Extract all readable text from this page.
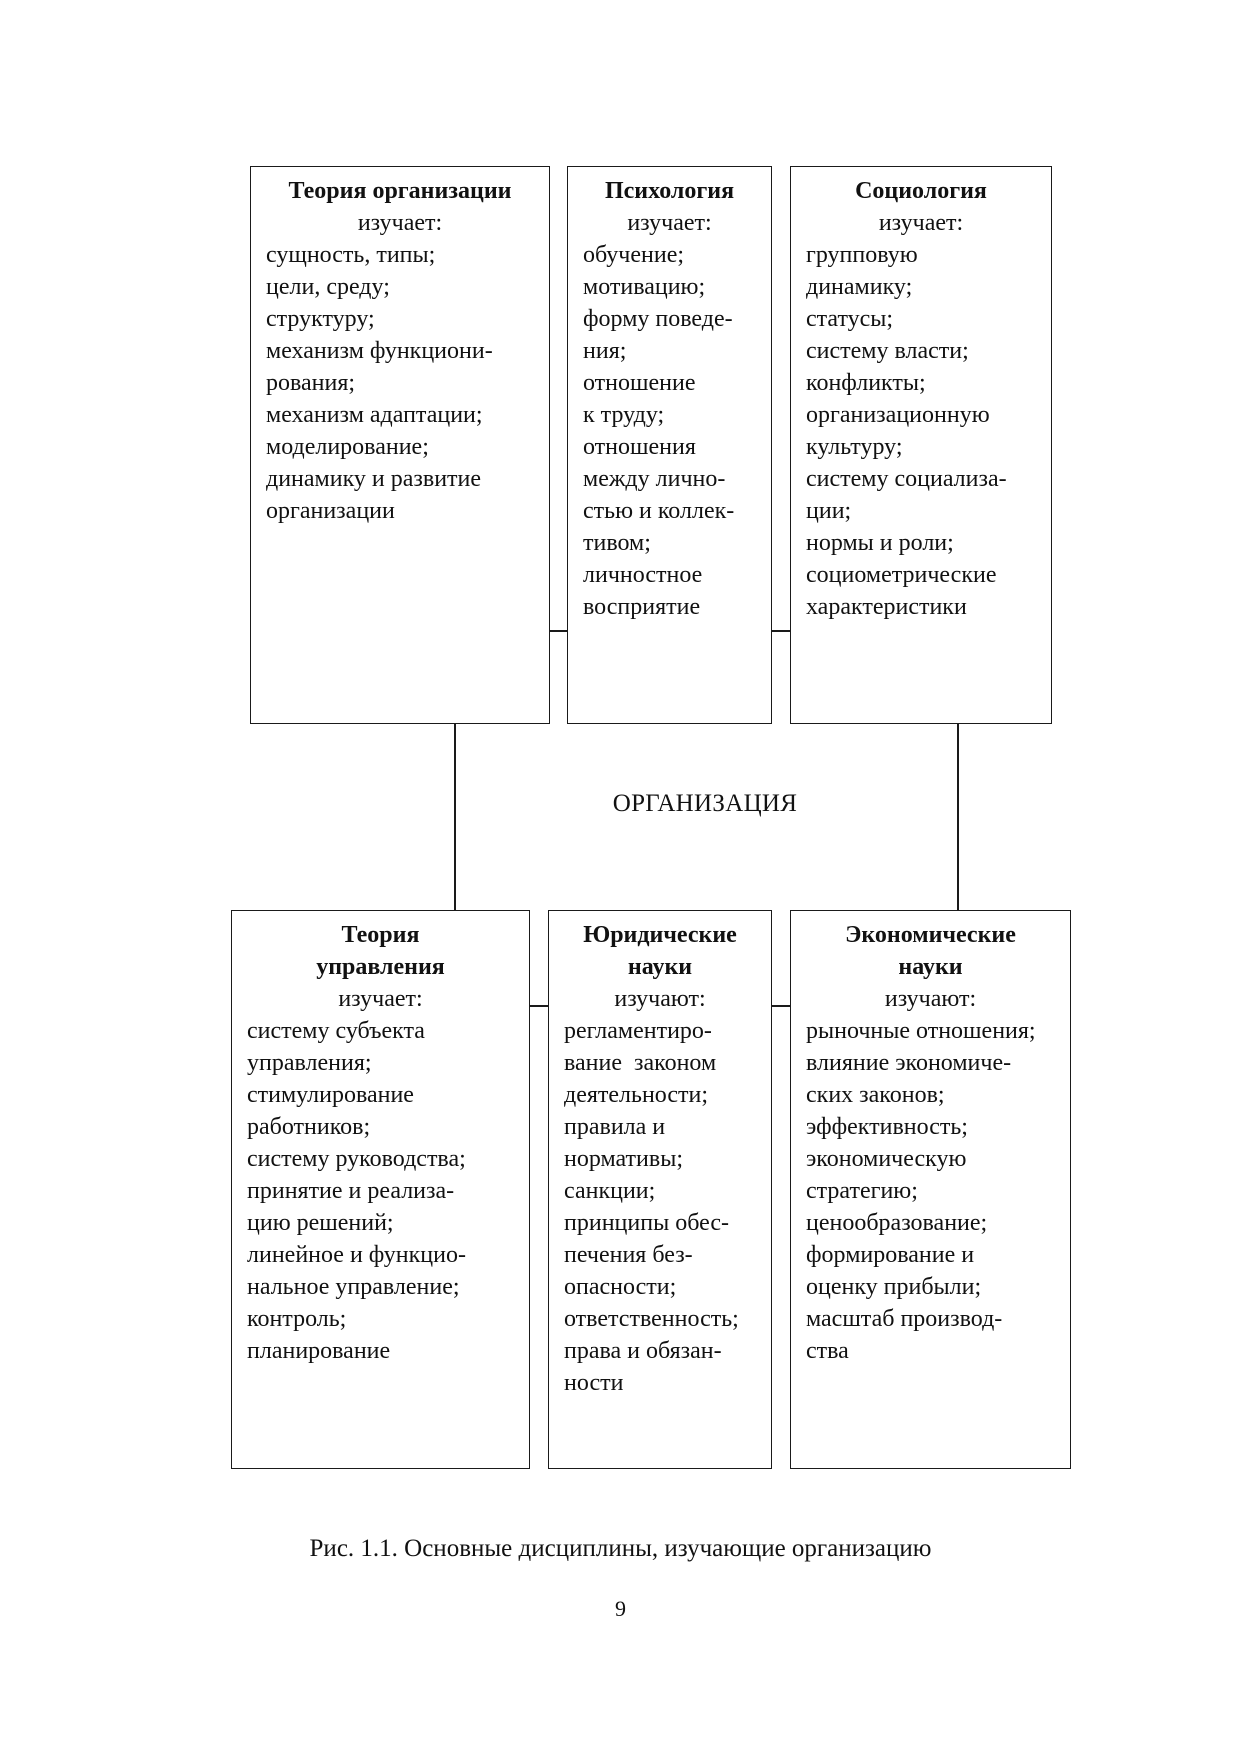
Теория организации
изучает:
сущность, типы;
цели, среду;
структуру;
механизм функциони-
рования;
механизм адаптации;
моделирование;
динамику и развитие
организации
Психология
изучает:
обучение;
мотивацию;
форму поведе-
ния;
отношение
к труду;
отношения
между лично-
стью и коллек-
тивом;
личностное
восприятие
Социология
изучает:
групповую
динамику;
статусы;
систему власти;
конфликты;
организационную
культуру;
систему социализа-
ции;
нормы и роли;
социометрические
характеристики
ОРГАНИЗАЦИЯ
Теория
управления
изучает:
систему субъекта
управления;
стимулирование
работников;
систему руководства;
принятие и реализа-
цию решений;
линейное и функцио-
нальное управление;
контроль;
планирование
Юридические
науки
изучают:
регламентиро-
вание  законом
деятельности;
правила и
нормативы;
санкции;
принципы обес-
печения без-
опасности;
ответственность;
права и обязан-
ности
Экономические
науки
изучают:
рыночные отношения;
влияние экономиче-
ских законов;
эффективность;
экономическую
стратегию;
ценообразование;
формирование и
оценку прибыли;
масштаб производ-
ства
Рис. 1.1. Основные дисциплины, изучающие организацию
9
